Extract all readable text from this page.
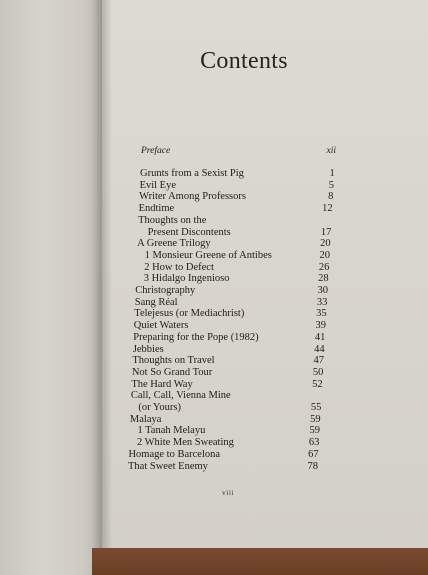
Contents
Preface	xii
Grunts from a Sexist Pig	1
Evil Eye	5
Writer Among Professors	8
Endtime	12
Thoughts on the
Present Discontents	17
A Greene Trilogy	20
1 Monsieur Greene of Antibes	20
2 How to Defect	26
3 Hidalgo Ingenioso	28
Christography	30
Sang Réal	33
Telejesus (or Mediachrist)	35
Quiet Waters	39
Preparing for the Pope (1982)	41
Jebbies	44
Thoughts on Travel	47
Not So Grand Tour	50
The Hard Way	52
Call, Call, Vienna Mine
(or Yours)	55
Malaya	59
1 Tanah Melayu	59
2 White Men Sweating	63
Homage to Barcelona	67
That Sweet Enemy	78
viii
